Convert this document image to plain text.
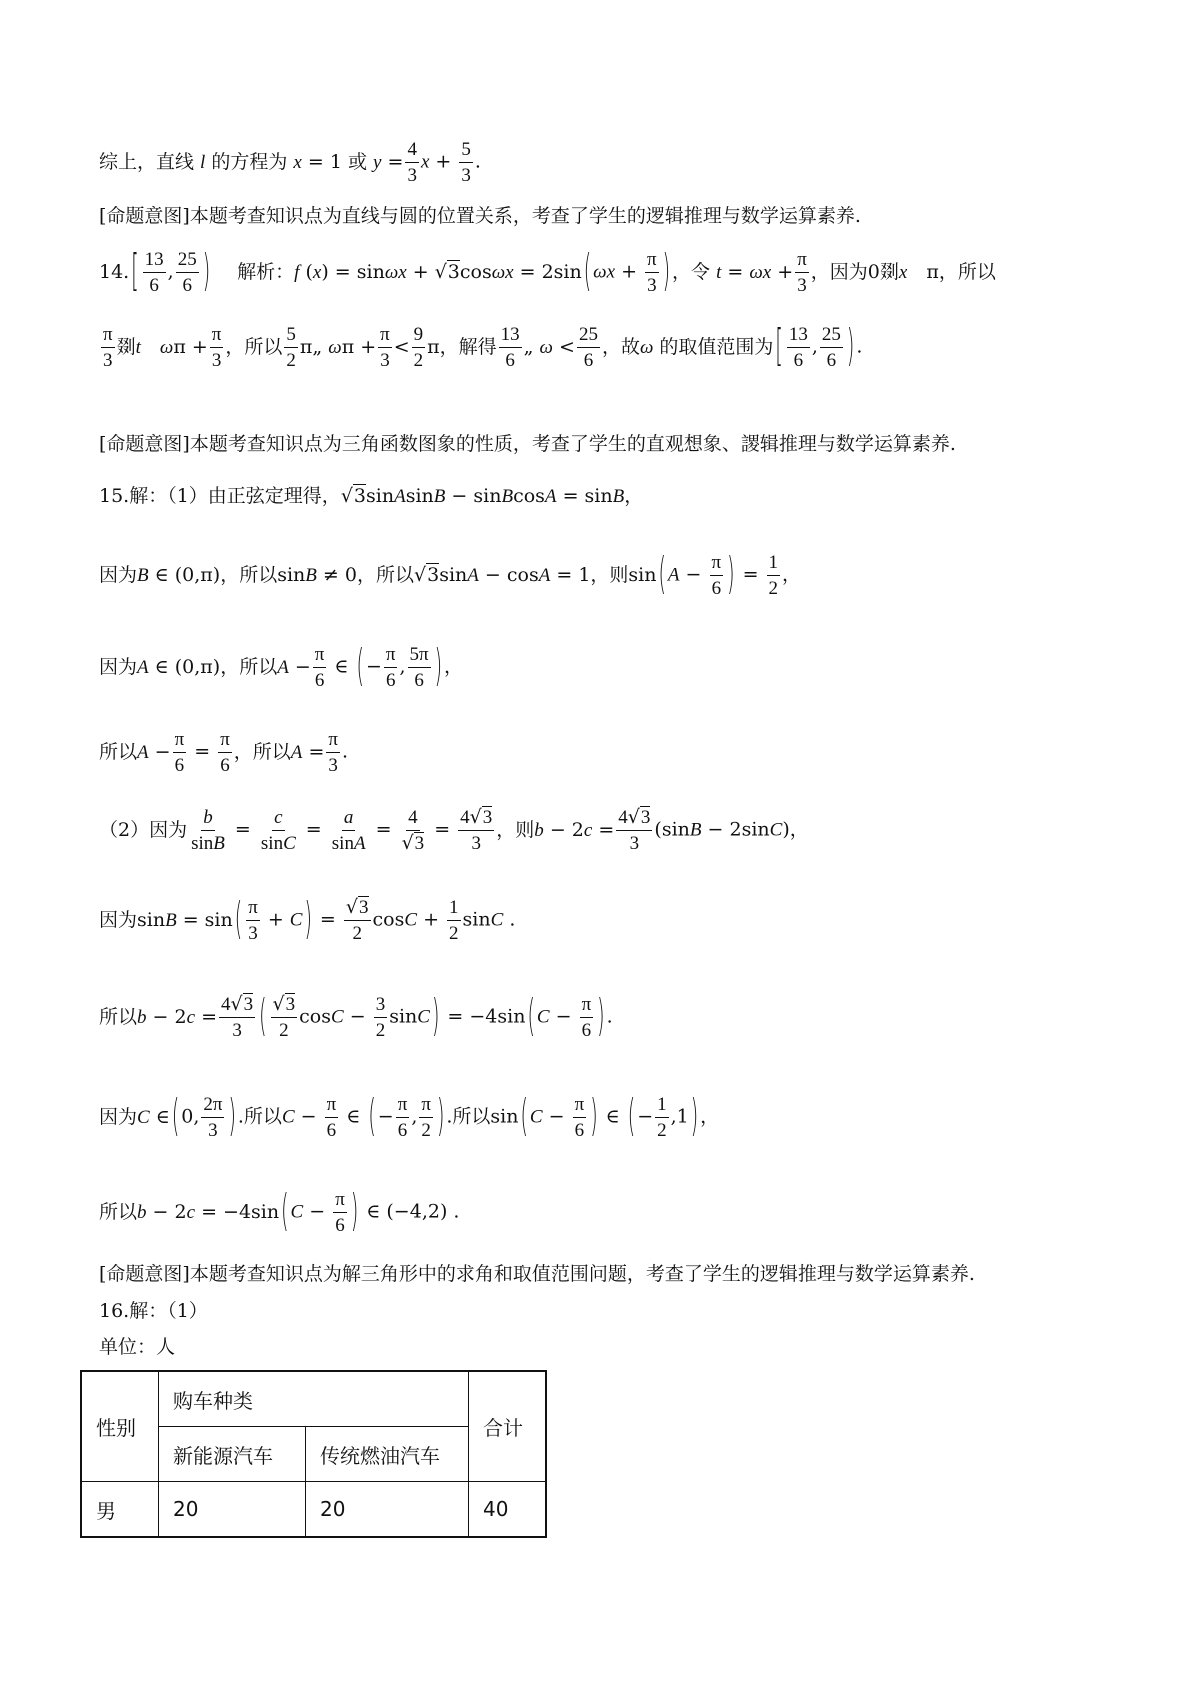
综上，直线 l 的方程为 x = 1 或 $y = \frac{4}{3}$ $x + \frac{5}{3}$ .
[命题意图]本题考查知识点为直线与圆的位置关系，考查了学生的逻辑推理与数学运算素养.
14. [ $\frac{13}{6}$ , $\frac{25}{6}$ ) 　解析：f (x) = sinωx + √3cosωx = 2sin ( $\omega x + \frac{\pi}{3}$ ) ，令 $t = \omega x + \frac{\pi}{3}$ ，因为0剟x　π，所以
$\frac{\pi}{3}$ 剟t　 $\omega\pi + \frac{\pi}{3}$ ，所以 $\frac{5}{2}$ π„ $\omega\pi + \frac{\pi}{3} < \frac{9}{2}$ π，解得 $\frac{13}{6}$ „ $\omega < \frac{25}{6}$ ，故ω 的取值范围为 [ $\frac{13}{6}$ , $\frac{25}{6}$ ) .
[命题意图]本题考查知识点为三角函数图象的性质，考查了学生的直观想象、謖辑推理与数学运算素养.
15.解：（1）由正弦定理得，√3sinAsinB − sinBcosA = sinB，
因为B ∈ (0,π)，所以sinB ≠ 0，所以√3sinA − cosA = 1，则sin ( $A - \frac{\pi}{6}$ ) = $\frac{1}{2}$ ，
因为A ∈ (0,π)，所以$A - \frac{\pi}{6}$ ∈ ( − $\frac{\pi}{6}$ , $\frac{5\pi}{6}$ ) ，
所以$A - \frac{\pi}{6} = \frac{\pi}{6}$ ，所以$A = \frac{\pi}{3}$ .
（2）因为 $\frac{b}{\sin B} = \frac{c}{\sin C} = \frac{a}{\sin A} = \frac{4}{√3} = \frac{4√3}{3}$ ，则$b - 2c = \frac{4√3}{3} (\sin B - 2\sin C)$，
因为sinB = sin ( $\frac{\pi}{3} + C$ ) = $\frac{√3}{2}$ $\cos C + \frac{1}{2}$ sinC .
所以$b - 2c = \frac{4√3}{3}$ ( $\frac{√3}{2}$ $\cos C - \frac{3}{2}$ sinC ) = −4sin ( $C - \frac{\pi}{6}$ ) .
因为C ∈( 0, $\frac{2\pi}{3}$ ) .所以$C - \frac{\pi}{6}$ ∈ ( − $\frac{\pi}{6}$ , $\frac{\pi}{2}$ ) .所以sin ( $C - \frac{\pi}{6}$ ) ∈ ( − $\frac{1}{2} ,1$ ) ，
所以b − 2c = −4sin ( $C - \frac{\pi}{6}$ ) ∈ (−4,2) .
[命题意图]本题考查知识点为解三角形中的求角和取值范围问题，考查了学生的逻辑推理与数学运算素养.
16.解：（1）
单位：人
性别	购车种类		合计
	新能源汽车	传统燃油汽车	
男	20	20	40
